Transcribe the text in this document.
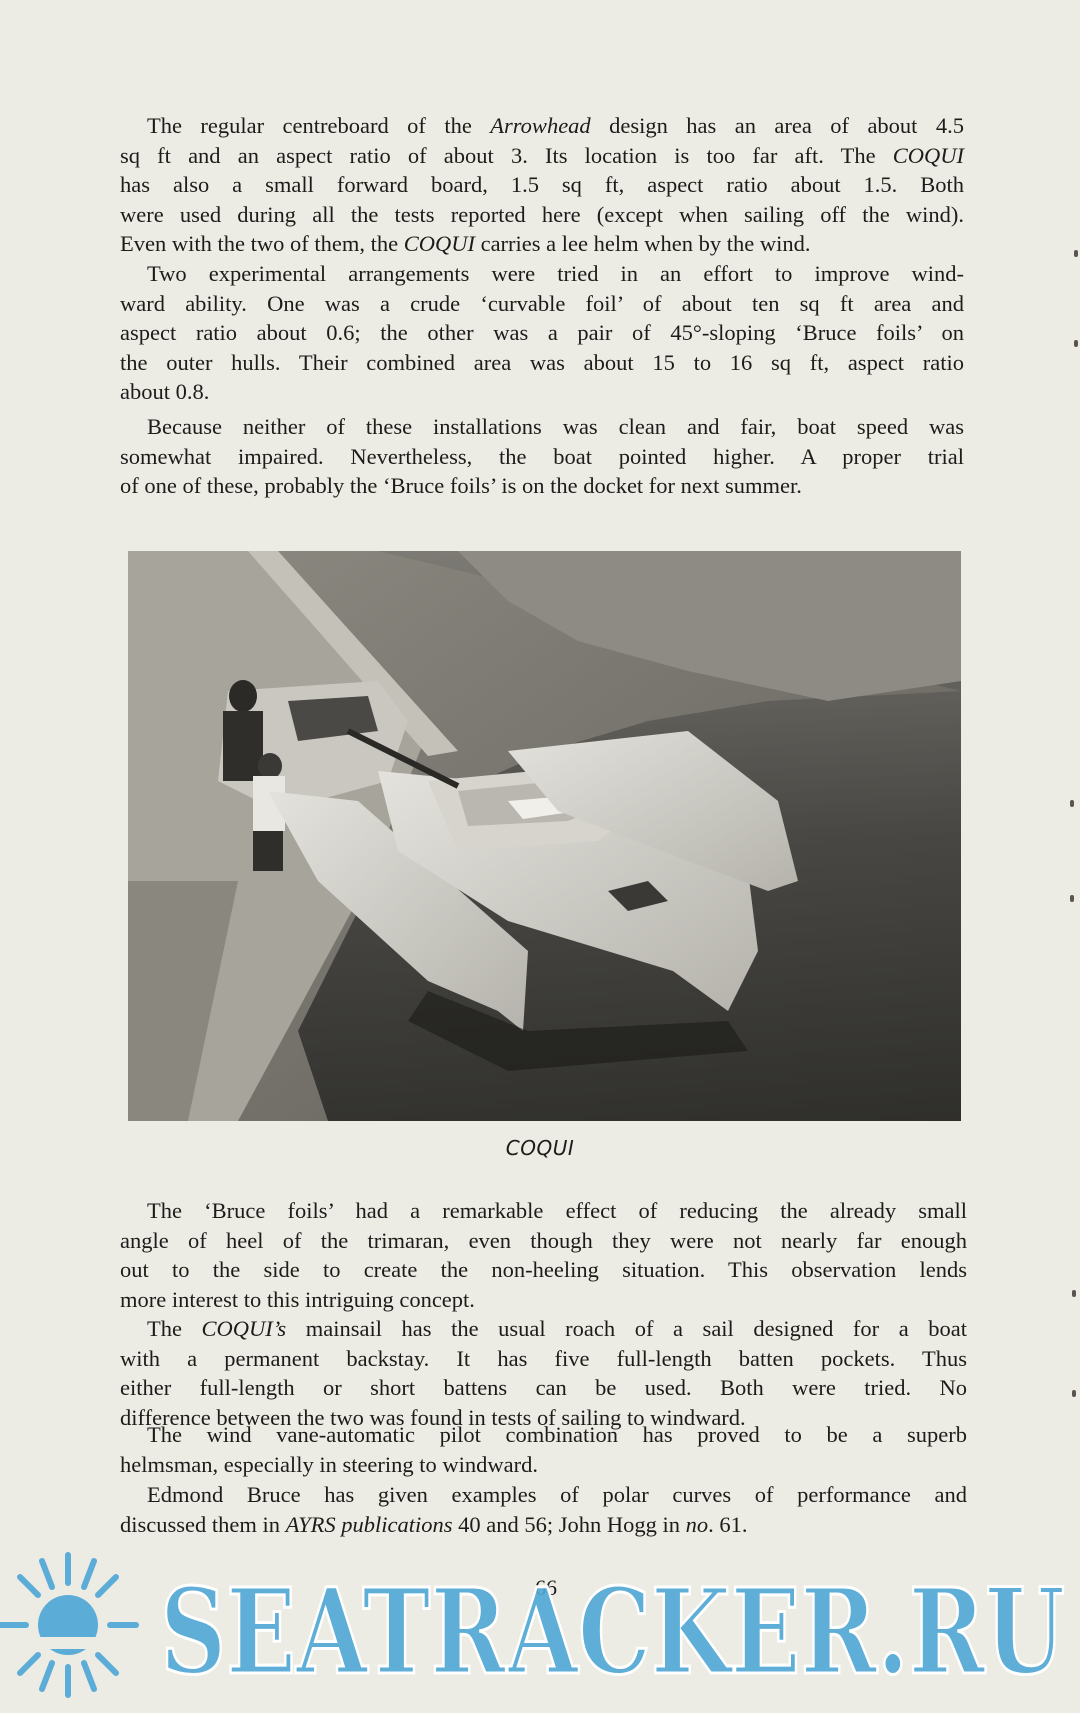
The regular centreboard of the Arrowhead design has an area of about 4.5
sq ft and an aspect ratio of about 3. Its location is too far aft. The COQUI
has also a small forward board, 1.5 sq ft, aspect ratio about 1.5. Both
were used during all the tests reported here (except when sailing off the wind).
Even with the two of them, the COQUI carries a lee helm when by the wind.
Two experimental arrangements were tried in an effort to improve wind-
ward ability. One was a crude ‘curvable foil’ of about ten sq ft area and
aspect ratio about 0.6; the other was a pair of 45°-sloping ‘Bruce foils’ on
the outer hulls. Their combined area was about 15 to 16 sq ft, aspect ratio
about 0.8.
Because neither of these installations was clean and fair, boat speed was
somewhat impaired. Nevertheless, the boat pointed higher. A proper trial
of one of these, probably the ‘Bruce foils’ is on the docket for next summer.
COQUI
The ‘Bruce foils’ had a remarkable effect of reducing the already small
angle of heel of the trimaran, even though they were not nearly far enough
out to the side to create the non-heeling situation. This observation lends
more interest to this intriguing concept.
The COQUI’s mainsail has the usual roach of a sail designed for a boat
with a permanent backstay. It has five full-length batten pockets. Thus
either full-length or short battens can be used. Both were tried. No
difference between the two was found in tests of sailing to windward.
The wind vane-automatic pilot combination has proved to be a superb
helmsman, especially in steering to windward.
Edmond Bruce has given examples of polar curves of performance and
discussed them in AYRS publications 40 and 56; John Hogg in no. 61.
66
SEATRACKER.RU
